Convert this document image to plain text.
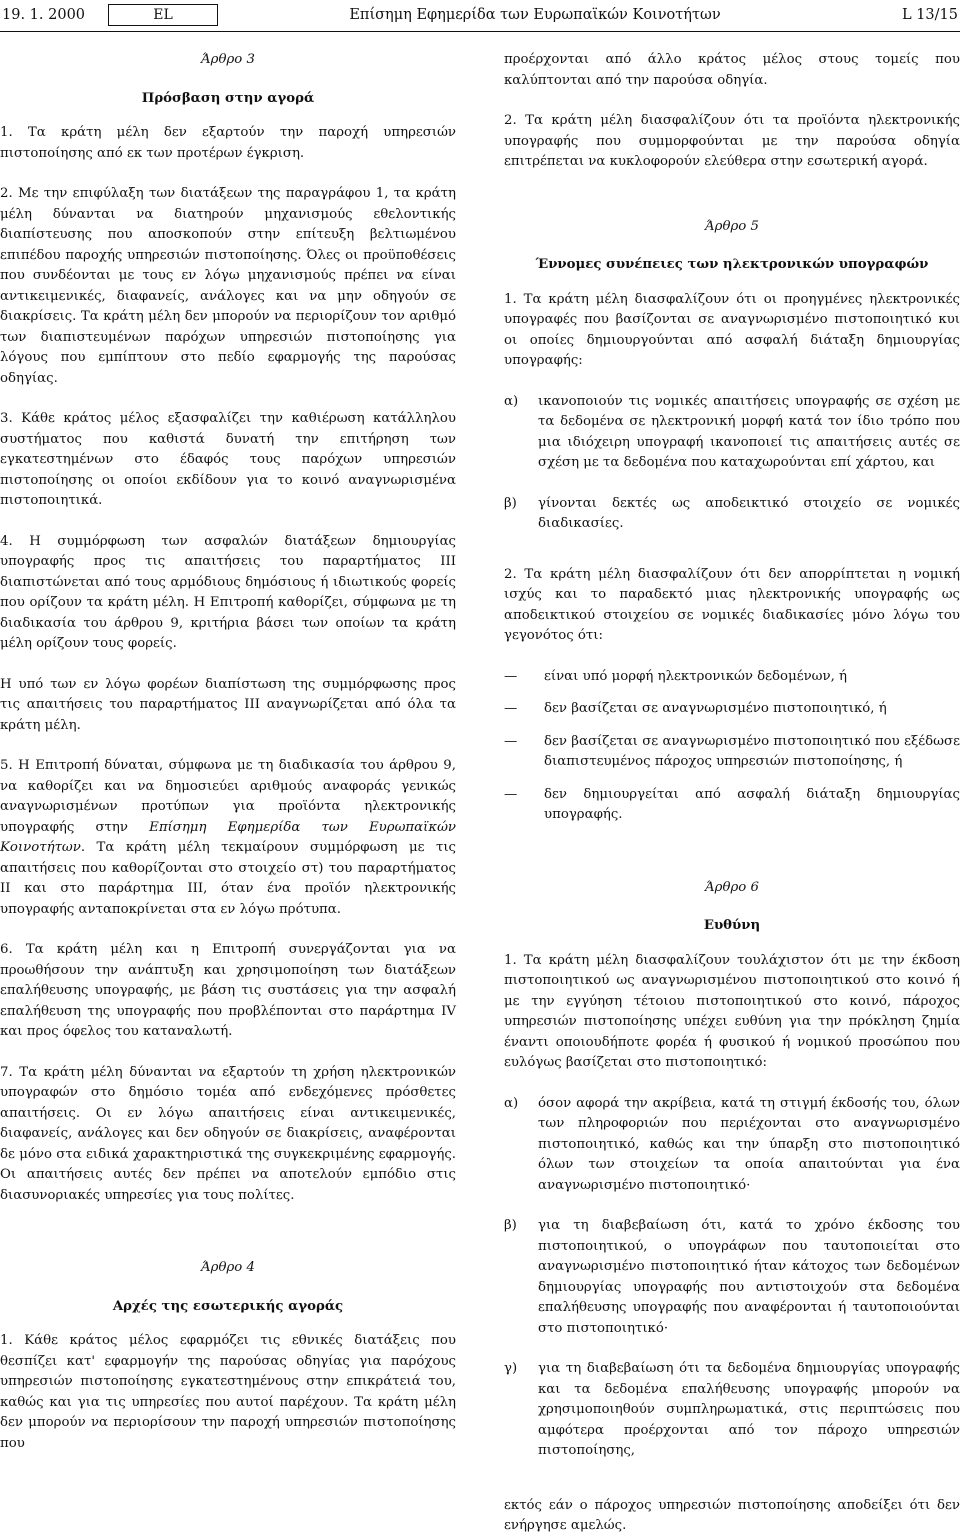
19. 1. 2000	EL	Επίσημη Εφημερίδα των Ευρωπαϊκών Κοινοτήτων	L 13/15

Άρθρο 3

Πρόσβαση στην αγορά

1. Τα κράτη μέλη δεν εξαρτούν την παροχή υπηρεσιών πιστοποίησης από εκ των προτέρων έγκριση.

2. Με την επιφύλαξη των διατάξεων της παραγράφου 1, τα κράτη μέλη δύνανται να διατηρούν μηχανισμούς εθελοντικής διαπίστευσης που αποσκοπούν στην επίτευξη βελτιωμένου επιπέδου παροχής υπηρεσιών πιστοποίησης. Όλες οι προϋποθέσεις που συνδέονται με τους εν λόγω μηχανισμούς πρέπει να είναι αντικειμενικές, διαφανείς, ανάλογες και να μην οδηγούν σε διακρίσεις. Τα κράτη μέλη δεν μπορούν να περιορίζουν τον αριθμό των διαπιστευμένων παρόχων υπηρεσιών πιστοποίησης για λόγους που εμπίπτουν στο πεδίο εφαρμογής της παρούσας οδηγίας.

3. Κάθε κράτος μέλος εξασφαλίζει την καθιέρωση κατάλληλου συστήματος που καθιστά δυνατή την επιτήρηση των εγκατεστημένων στο έδαφός τους παρόχων υπηρεσιών πιστοποίησης οι οποίοι εκδίδουν για το κοινό αναγνωρισμένα πιστοποιητικά.

4. Η συμμόρφωση των ασφαλών διατάξεων δημιουργίας υπογραφής προς τις απαιτήσεις του παραρτήματος III διαπιστώνεται από τους αρμόδιους δημόσιους ή ιδιωτικούς φορείς που ορίζουν τα κράτη μέλη. Η Επιτροπή καθορίζει, σύμφωνα με τη διαδικασία του άρθρου 9, κριτήρια βάσει των οποίων τα κράτη μέλη ορίζουν τους φορείς.

Η υπό των εν λόγω φορέων διαπίστωση της συμμόρφωσης προς τις απαιτήσεις του παραρτήματος III αναγνωρίζεται από όλα τα κράτη μέλη.

5. Η Επιτροπή δύναται, σύμφωνα με τη διαδικασία του άρθρου 9, να καθορίζει και να δημοσιεύει αριθμούς αναφοράς γενικώς αναγνωρισμένων προτύπων για προϊόντα ηλεκτρονικής υπογραφής στην Επίσημη Εφημερίδα των Ευρωπαϊκών Κοινοτήτων. Τα κράτη μέλη τεκμαίρουν συμμόρφωση με τις απαιτήσεις που καθορίζονται στο στοιχείο στ) του παραρτήματος II και στο παράρτημα III, όταν ένα προϊόν ηλεκτρονικής υπογραφής ανταποκρίνεται στα εν λόγω πρότυπα.

6. Τα κράτη μέλη και η Επιτροπή συνεργάζονται για να προωθήσουν την ανάπτυξη και χρησιμοποίηση των διατάξεων επαλήθευσης υπογραφής, με βάση τις συστάσεις για την ασφαλή επαλήθευση της υπογραφής που προβλέπονται στο παράρτημα IV και προς όφελος του καταναλωτή.

7. Τα κράτη μέλη δύνανται να εξαρτούν τη χρήση ηλεκτρονικών υπογραφών στο δημόσιο τομέα από ενδεχόμενες πρόσθετες απαιτήσεις. Οι εν λόγω απαιτήσεις είναι αντικειμενικές, διαφανείς, ανάλογες και δεν οδηγούν σε διακρίσεις, αναφέρονται δε μόνο στα ειδικά χαρακτηριστικά της συγκεκριμένης εφαρμογής. Οι απαιτήσεις αυτές δεν πρέπει να αποτελούν εμπόδιο στις διασυνοριακές υπηρεσίες για τους πολίτες.

Άρθρο 4

Αρχές της εσωτερικής αγοράς

1. Κάθε κράτος μέλος εφαρμόζει τις εθνικές διατάξεις που θεσπίζει κατ' εφαρμογήν της παρούσας οδηγίας για παρόχους υπηρεσιών πιστοποίησης εγκατεστημένους στην επικράτειά του, καθώς και για τις υπηρεσίες που αυτοί παρέχουν. Τα κράτη μέλη δεν μπορούν να περιορίσουν την παροχή υπηρεσιών πιστοποίησης που

προέρχονται από άλλο κράτος μέλος στους τομείς που καλύπτονται από την παρούσα οδηγία.

2. Τα κράτη μέλη διασφαλίζουν ότι τα προϊόντα ηλεκτρονικής υπογραφής που συμμορφούνται με την παρούσα οδηγία επιτρέπεται να κυκλοφορούν ελεύθερα στην εσωτερική αγορά.

Άρθρο 5

Έννομες συνέπειες των ηλεκτρονικών υπογραφών

1. Τα κράτη μέλη διασφαλίζουν ότι οι προηγμένες ηλεκτρονικές υπογραφές που βασίζονται σε αναγνωρισμένο πιστοποιητικό κυι οι οποίες δημιουργούνται από ασφαλή διάταξη δημιουργίας υπογραφής:

α)	ικανοποιούν τις νομικές απαιτήσεις υπογραφής σε σχέση με τα δεδομένα σε ηλεκτρονική μορφή κατά τον ίδιο τρόπο που μια ιδιόχειρη υπογραφή ικανοποιεί τις απαιτήσεις αυτές σε σχέση με τα δεδομένα που καταχωρούνται επί χάρτου, και
β)	γίνονται δεκτές ως αποδεικτικό στοιχείο σε νομικές διαδικασίες.

2. Τα κράτη μέλη διασφαλίζουν ότι δεν απορρίπτεται η νομική ισχύς και το παραδεκτό μιας ηλεκτρονικής υπογραφής ως αποδεικτικού στοιχείου σε νομικές διαδικασίες μόνο λόγω του γεγονότος ότι:

—	είναι υπό μορφή ηλεκτρονικών δεδομένων, ή
—	δεν βασίζεται σε αναγνωρισμένο πιστοποιητικό, ή
—	δεν βασίζεται σε αναγνωρισμένο πιστοποιητικό που εξέδωσε διαπιστευμένος πάροχος υπηρεσιών πιστοποίησης, ή
—	δεν δημιουργείται από ασφαλή διάταξη δημιουργίας υπογραφής.

Άρθρο 6

Ευθύνη

1. Τα κράτη μέλη διασφαλίζουν τουλάχιστον ότι με την έκδοση πιστοποιητικού ως αναγνωρισμένου πιστοποιητικού στο κοινό ή με την εγγύηση τέτοιου πιστοποιητικού στο κοινό, πάροχος υπηρεσιών πιστοποίησης υπέχει ευθύνη για την πρόκληση ζημία έναντι οποιουδήποτε φορέα ή φυσικού ή νομικού προσώπου που ευλόγως βασίζεται στο πιστοποιητικό:

α)	όσον αφορά την ακρίβεια, κατά τη στιγμή έκδοσής του, όλων των πληροφοριών που περιέχονται στο αναγνωρισμένο πιστοποιητικό, καθώς και την ύπαρξη στο πιστοποιητικό όλων των στοιχείων τα οποία απαιτούνται για ένα αναγνωρισμένο πιστοποιητικό·
β)	για τη διαβεβαίωση ότι, κατά το χρόνο έκδοσης του πιστοποιητικού, ο υπογράφων που ταυτοποιείται στο αναγνωρισμένο πιστοποιητικό ήταν κάτοχος των δεδομένων δημιουργίας υπογραφής που αντιστοιχούν στα δεδομένα επαλήθευσης υπογραφής που αναφέρονται ή ταυτοποιούνται στο πιστοποιητικό·
γ)	για τη διαβεβαίωση ότι τα δεδομένα δημιουργίας υπογραφής και τα δεδομένα επαλήθευσης υπογραφής μπορούν να χρησιμοποιηθούν συμπληρωματικά, στις περιπτώσεις που αμφότερα προέρχονται από τον πάροχο υπηρεσιών πιστοποίησης,

εκτός εάν ο πάροχος υπηρεσιών πιστοποίησης αποδείξει ότι δεν ενήργησε αμελώς.
